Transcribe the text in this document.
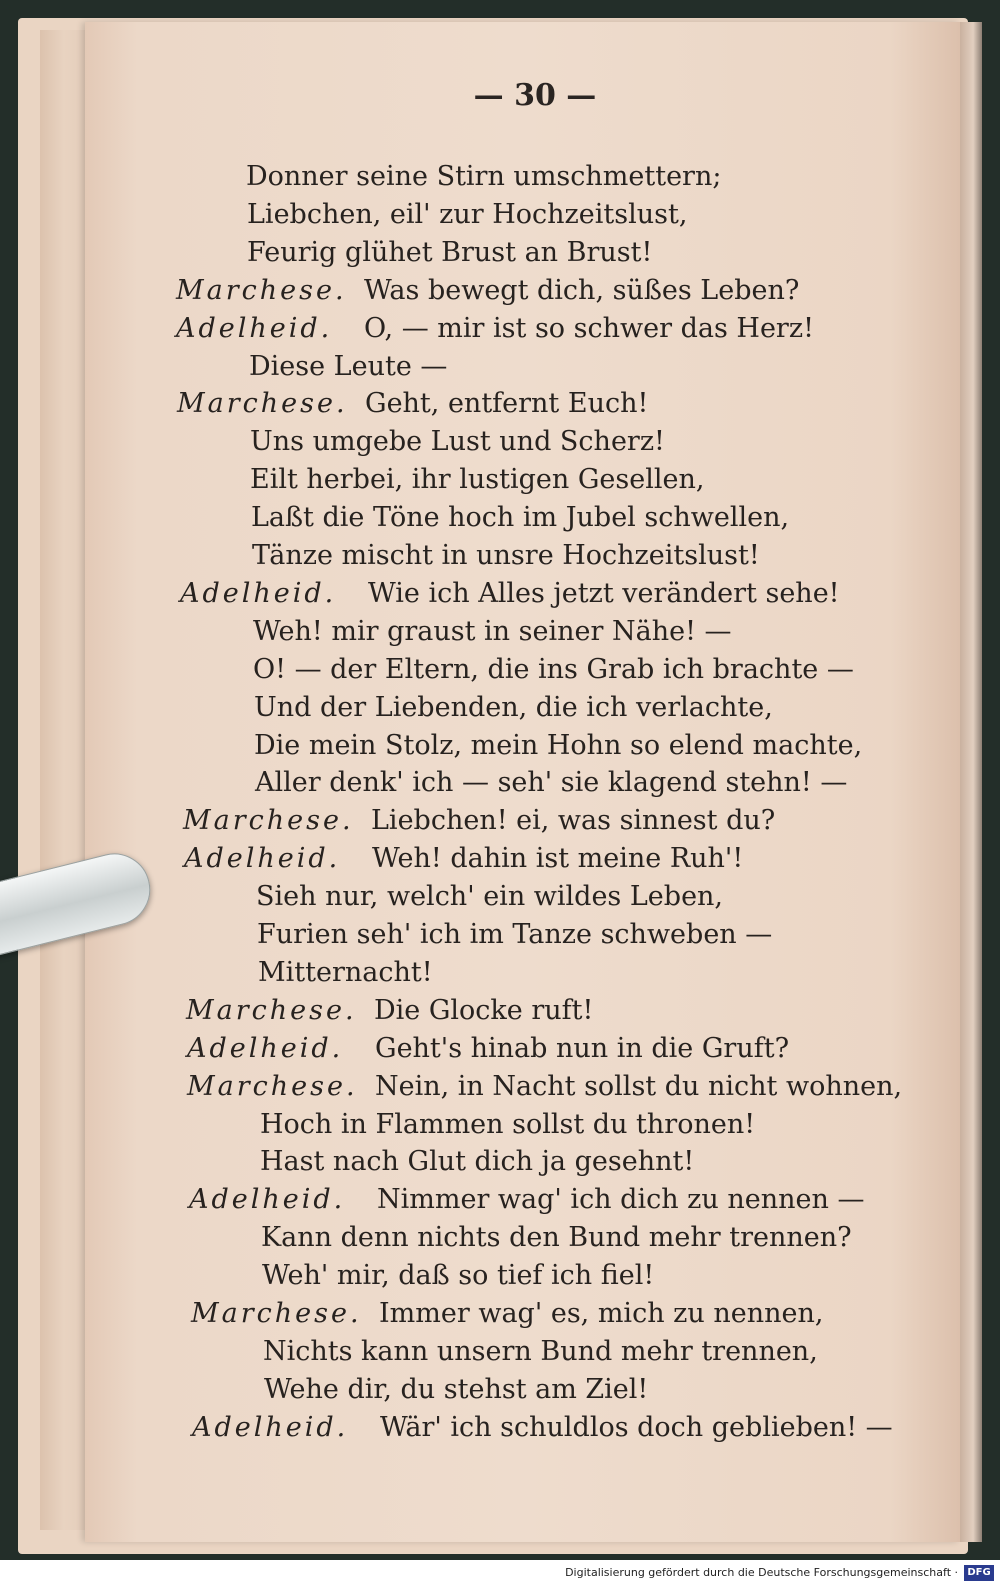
— 30 —
Donner seine Stirn umschmettern;
Liebchen, eil' zur Hochzeitslust,
Feurig glühet Brust an Brust!
Marchese. Was bewegt dich, süßes Leben?
Adelheid. O, — mir ist so schwer das Herz!
Diese Leute —
Marchese. Geht, entfernt Euch!
Uns umgebe Lust und Scherz!
Eilt herbei, ihr lustigen Gesellen,
Laßt die Töne hoch im Jubel schwellen,
Tänze mischt in unsre Hochzeitslust!
Adelheid. Wie ich Alles jetzt verändert sehe!
Weh! mir graust in seiner Nähe! —
O! — der Eltern, die ins Grab ich brachte —
Und der Liebenden, die ich verlachte,
Die mein Stolz, mein Hohn so elend machte,
Aller denk' ich — seh' sie klagend stehn! —
Marchese. Liebchen! ei, was sinnest du?
Adelheid. Weh! dahin ist meine Ruh'!
Sieh nur, welch' ein wildes Leben,
Furien seh' ich im Tanze schweben —
Mitternacht!
Marchese. Die Glocke ruft!
Adelheid. Geht's hinab nun in die Gruft?
Marchese. Nein, in Nacht sollst du nicht wohnen,
Hoch in Flammen sollst du thronen!
Hast nach Glut dich ja gesehnt!
Adelheid. Nimmer wag' ich dich zu nennen —
Kann denn nichts den Bund mehr trennen?
Weh' mir, daß so tief ich fiel!
Marchese. Immer wag' es, mich zu nennen,
Nichts kann unsern Bund mehr trennen,
Wehe dir, du stehst am Ziel!
Adelheid. Wär' ich schuldlos doch geblieben! —
Digitalisierung gefördert durch die Deutsche Forschungsgemeinschaft · DFG
